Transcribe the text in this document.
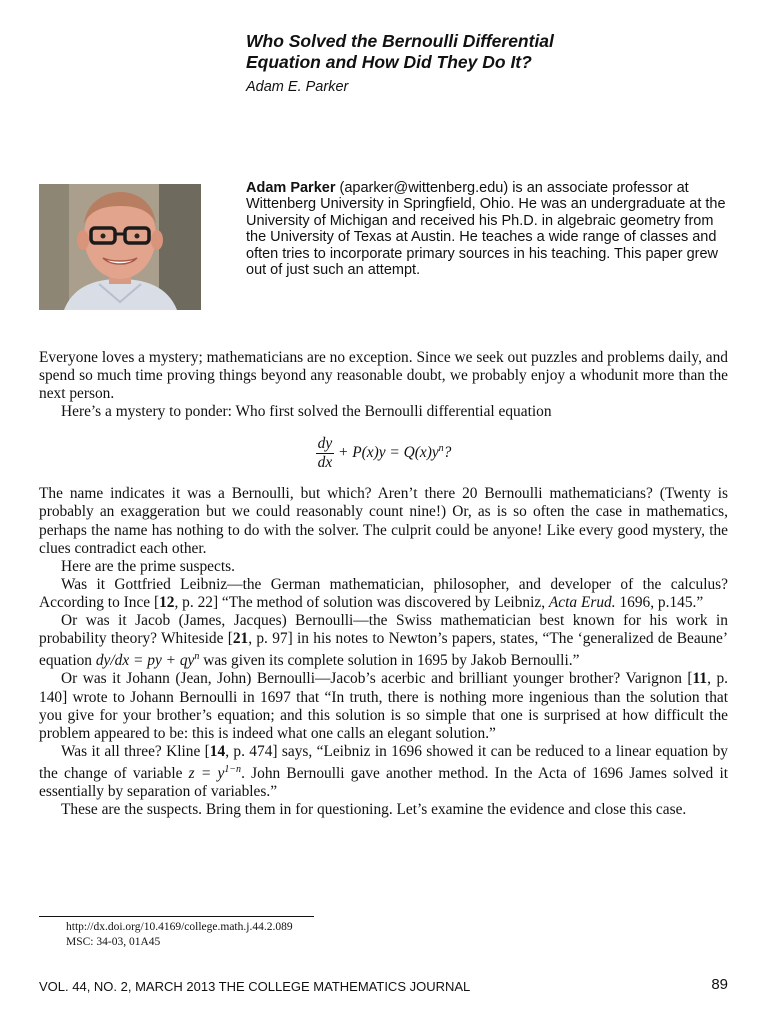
Who Solved the Bernoulli Differential
Equation and How Did They Do It?
Adam E. Parker
Adam Parker (aparker@wittenberg.edu) is an associate professor at Wittenberg University in Springfield, Ohio. He was an undergraduate at the University of Michigan and received his Ph.D. in algebraic geometry from the University of Texas at Austin. He teaches a wide range of classes and often tries to incorporate primary sources in his teaching. This paper grew out of just such an attempt.

Everyone loves a mystery; mathematicians are no exception. Since we seek out puzzles and problems daily, and spend so much time proving things beyond any reasonable doubt, we probably enjoy a whodunit more than the next person.

Here’s a mystery to ponder: Who first solved the Bernoulli differential equation

$\frac{dy}{dx} + P(x)y = Q(x)y^n$?

The name indicates it was a Bernoulli, but which? Aren’t there 20 Bernoulli mathematicians? (Twenty is probably an exaggeration but we could reasonably count nine!) Or, as is so often the case in mathematics, perhaps the name has nothing to do with the solver. The culprit could be anyone! Like every good mystery, the clues contradict each other.

Here are the prime suspects.

Was it Gottfried Leibniz—the German mathematician, philosopher, and developer of the calculus? According to Ince [12, p. 22] “The method of solution was discovered by Leibniz, Acta Erud. 1696, p.145.”

Or was it Jacob (James, Jacques) Bernoulli—the Swiss mathematician best known for his work in probability theory? Whiteside [21, p. 97] in his notes to Newton’s papers, states, “The ‘generalized de Beaune’ equation dy/dx = py + $qy^n$ was given its complete solution in 1695 by Jakob Bernoulli.”

Or was it Johann (Jean, John) Bernoulli—Jacob’s acerbic and brilliant younger brother? Varignon [11, p. 140] wrote to Johann Bernoulli in 1697 that “In truth, there is nothing more ingenious than the solution that you give for your brother’s equation; and this solution is so simple that one is surprised at how difficult the problem appeared to be: this is indeed what one calls an elegant solution.”

Was it all three? Kline [14, p. 474] says, “Leibniz in 1696 showed it can be reduced to a linear equation by the change of variable $z = y^{1-n}$. John Bernoulli gave another method. In the Acta of 1696 James solved it essentially by separation of variables.”

These are the suspects. Bring them in for questioning. Let’s examine the evidence and close this case.

http://dx.doi.org/10.4169/college.math.j.44.2.089
MSC: 34-03, 01A45
VOL. 44, NO. 2, MARCH 2013 THE COLLEGE MATHEMATICS JOURNAL	89
